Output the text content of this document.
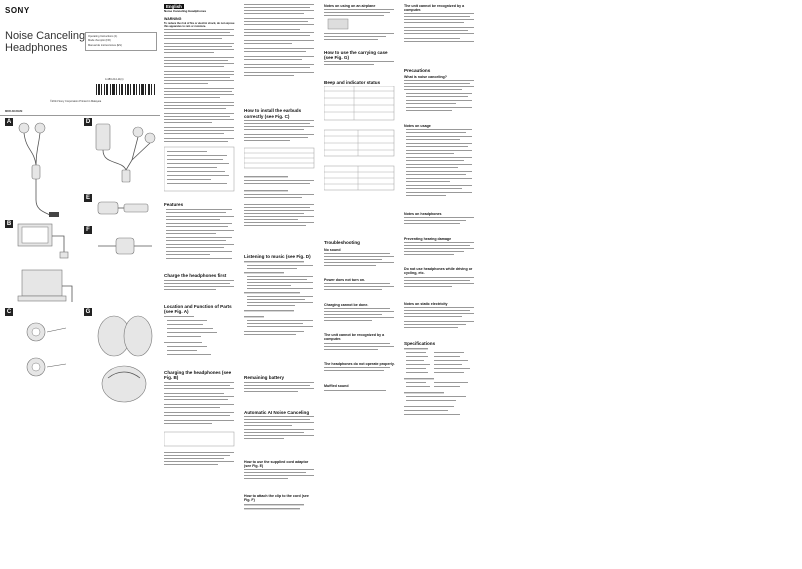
SONY
Noise Canceling
Headphones

Operating Instructions (1)

Mode d'emploi (FR)

Manual de instrucciones (ES)

4-480-214-11(1)
©2014 Sony Corporation Printed in Malaysia
MDR-NC31EM
A
B
D
E
F
C	G
English
Noise Canceling Headphones
WARNING

To reduce the risk of fire or electric shock, do not expose this apparatus to rain or moisture.

Features
Charge the headphones first
Location and Function of Parts (see Fig. A)
Charging the headphones (see Fig. B)
How to install the earbuds correctly (see Fig. C)
Listening to music (see Fig. D)
Remaining battery
Automatic AI Noise Canceling
How to use the supplied cord adaptor (see Fig. E)
How to attach the clip to the cord (see Fig. F)
Notes on using on an airplane
How to use the carrying case (see Fig. G)
Beep and indicator status
Troubleshooting
No sound
Power does not turn on.
Charging cannot be done.
The unit cannot be recognized by a computer.
The headphones do not operate properly.
Muffled sound
The unit cannot be recognized by a computer.
Precautions
What is noise canceling?
Notes on usage
Notes on headphones
Preventing hearing damage
Do not use headphones while driving or cycling, etc.
Notes on static electricity
Specifications
